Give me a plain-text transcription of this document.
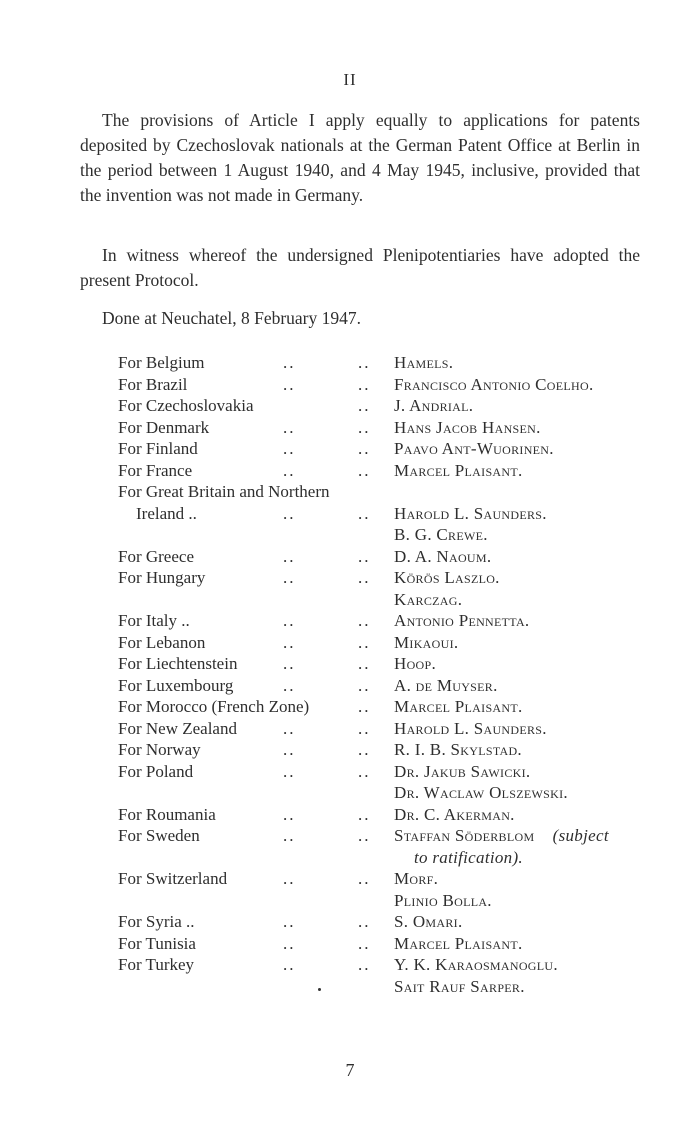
II

The provisions of Article I apply equally to applications for patents deposited by Czechoslovak nationals at the German Patent Office at Berlin in the period between 1 August 1940, and 4 May 1945, inclusive, provided that the invention was not made in Germany.

In witness whereof the undersigned Plenipotentiaries have adopted the present Protocol.

Done at Neuchatel, 8 February 1947.

For Belgium	..	.. Hamels.
For Brazil	..	.. Francisco Antonio Coelho.
For Czechoslovakia	.. J. Andrial.
For Denmark	..	.. Hans Jacob Hansen.
For Finland	..	.. Paavo Ant-Wuorinen.
For France	..	.. Marcel Plaisant.
For Great Britain and Northern
Ireland ..	..	.. Harold L. Saunders.
B. G. Crewe.
For Greece	..	.. D. A. Naoum.
For Hungary	..	.. Körös Laszlo.
Karczag.
For Italy ..	..	.. Antonio Pennetta.
For Lebanon	..	.. Mikaoui.
For Liechtenstein	..	.. Hoop.
For Luxembourg	..	.. A. de Muyser.
For Morocco (French Zone)	.. Marcel Plaisant.
For New Zealand	..	.. Harold L. Saunders.
For Norway	..	.. R. I. B. Skylstad.
For Poland	..	.. Dr. Jakub Sawicki.
Dr. Waclaw Olszewski.
For Roumania	..	.. Dr. C. Akerman.
For Sweden	..	.. Staffan Söderblom (subject
to ratification).
For Switzerland	..	.. Morf.
Plinio Bolla.
For Syria ..	..	.. S. Omari.
For Tunisia	..	.. Marcel Plaisant.
For Turkey	..	.. Y. K. Karaosmanoglu.
Sait Rauf Sarper.
7
